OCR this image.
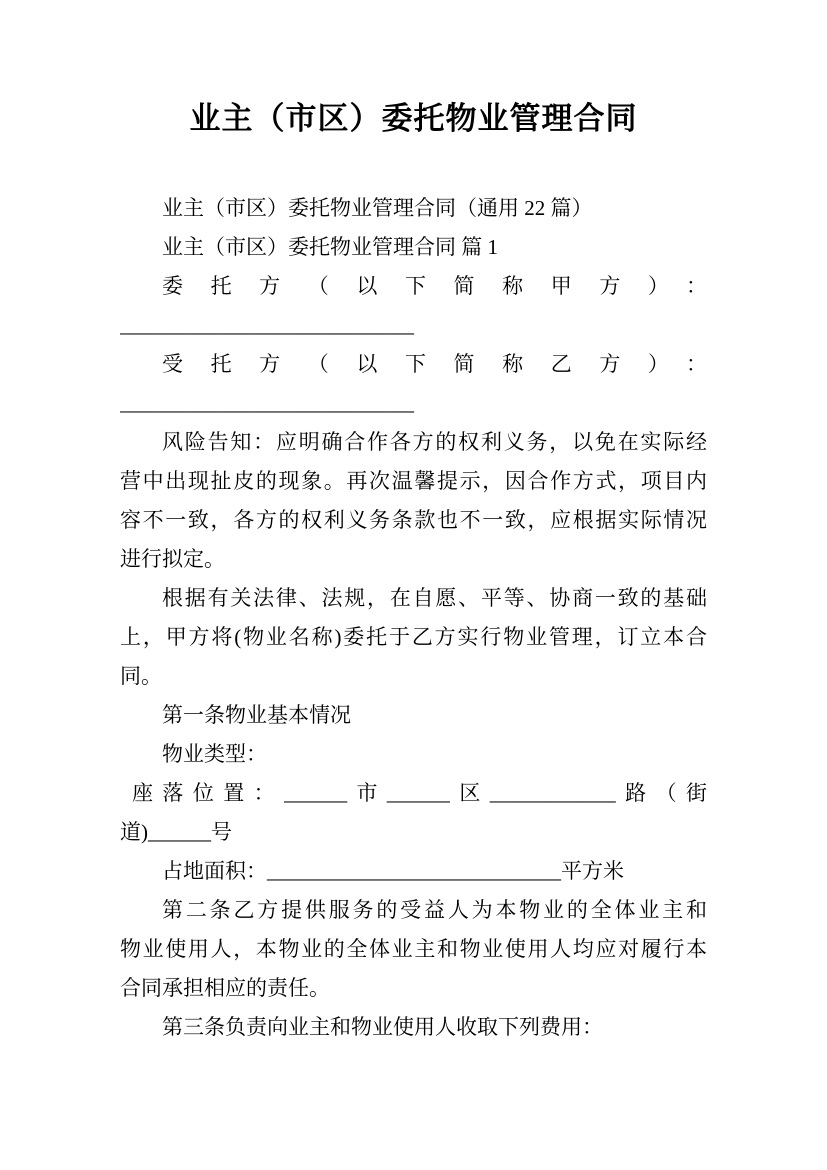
业主（市区）委托物业管理合同
业主（市区）委托物业管理合同（通用 22 篇）
业主（市区）委托物业管理合同 篇 1
委托方（以下简称甲方）：
____________________________
受托方（以下简称乙方）：
____________________________
风险告知：应明确合作各方的权利义务，以免在实际经
营中出现扯皮的现象。再次温馨提示，因合作方式，项目内
容不一致，各方的权利义务条款也不一致，应根据实际情况
进行拟定。
根据有关法律、法规，在自愿、平等、协商一致的基础
上，甲方将(物业名称)委托于乙方实行物业管理，订立本合
同。
第一条物业基本情况
物业类型：
座落位置：______市______区____________路（街
道)______号
占地面积：____________________________平方米
第二条乙方提供服务的受益人为本物业的全体业主和
物业使用人，本物业的全体业主和物业使用人均应对履行本
合同承担相应的责任。
第三条负责向业主和物业使用人收取下列费用：
